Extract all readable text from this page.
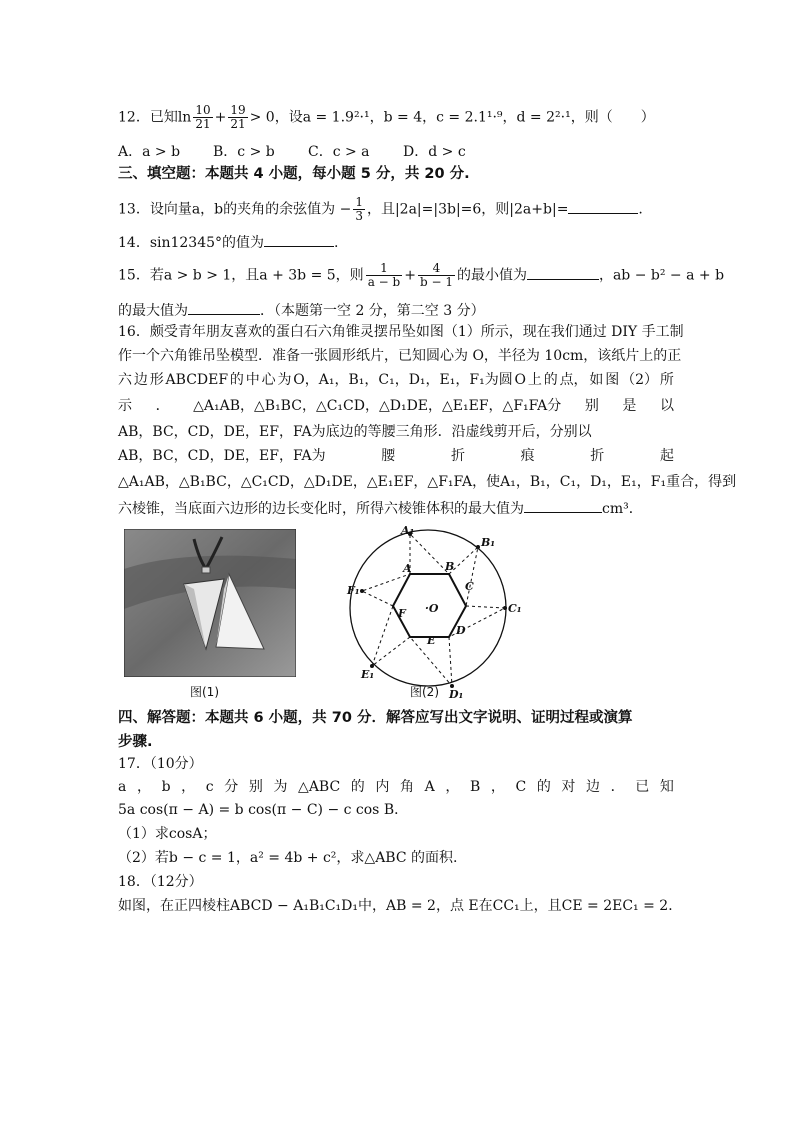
12．已知$\ln \frac{10}{21} + \frac{19}{21} > 0$，设a = 1.9²·¹，b = 4，c = 2.1¹·⁹，d = 2²·¹，则（　　）
A．a > b B．c > b C．c > a D．d > c
三、填空题：本题共 4 小题，每小题 5 分，共 20 分.
13．设向量a，b的夹角的余弦值为 − $\frac{1}{3}$ ，且|2a|=|3b|=6，则|2a+b|=	.
14．sin12345°的值为	.
15．若a > b > 1，且a + 3b = 5，则 $\frac{1}{a - b} + \frac{4}{b - 1}$ 的最小值为	，ab − b² − a + b
的最大值为	．（本题第一空 2 分，第二空 3 分）
16．颇受青年朋友喜欢的蛋白石六角锥灵摆吊坠如图（1）所示，现在我们通过 DIY 手工制
作一个六角锥吊坠模型．准备一张圆形纸片，已知圆心为 O，半径为 10cm，该纸片上的正
六 边 形 ABCDEF 的 中 心 为 O，A₁，B₁，C₁，D₁，E₁，F₁为圆 O 上 的 点， 如 图 （2） 所
示 ． △A₁AB，△B₁BC，△C₁CD，△D₁DE，△E₁EF，△F₁FA分 别 是 以
AB，BC，CD，DE，EF，FA为底边的等腰三角形．沿虚线剪开后，分别以
AB，BC，CD，DE，EF，FA为	腰	折	痕	折	起
△A₁AB，△B₁BC，△C₁CD，△D₁DE，△E₁EF，△F₁FA，使A₁，B₁，C₁，D₁，E₁，F₁重合，得到
六棱锥，当底面六边形的边长变化时，所得六棱锥体积的最大值为	cm³．
图(1)
A₁
B₁
C₁
D₁
E₁
F₁
A	B
C
D
E
F ·O
图(2)
四、解答题：本题共 6 小题，共 70 分．解答应写出文字说明、证明过程或演算
步骤.
17．（10分）
a ， b ， c 分 别 为 △ABC 的 内 角 A ， B ， C 的 对 边 ． 已 知
5a cos(π − A) = b cos(π − C) − c cos B．
（1）求cosA；
（2）若b − c = 1，a² = 4b + c²，求△ABC 的面积.
18．（12分）
如图，在正四棱柱ABCD − A₁B₁C₁D₁中，AB = 2，点 E在CC₁上，且CE = 2EC₁ = 2．
